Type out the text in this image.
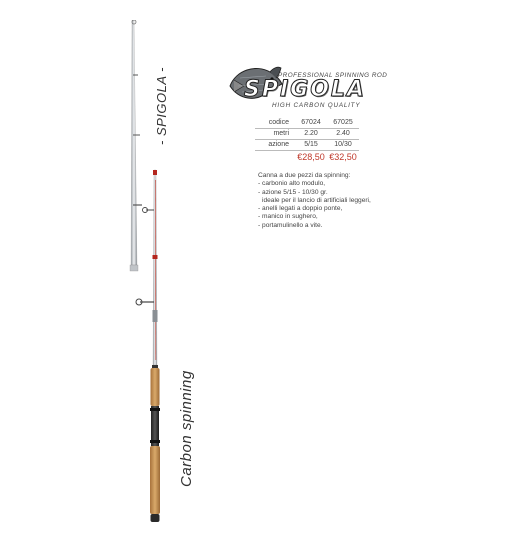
- SPIGOLA -
Carbon spinning
PROFESSIONAL SPINNING ROD
SPIGOLA
HIGH CARBON QUALITY
codice	67024	67025
metri	2.20	2.40
azione	5/15	10/30
	€28,50	€32,50
Canna a due pezzi da spinning:
- carbonio alto modulo,
- azione 5/15 - 10/30 gr.
ideale per il lancio di artificiali leggeri,
- anelli legati a doppio ponte,
- manico in sughero,
- portamulinello a vite.
